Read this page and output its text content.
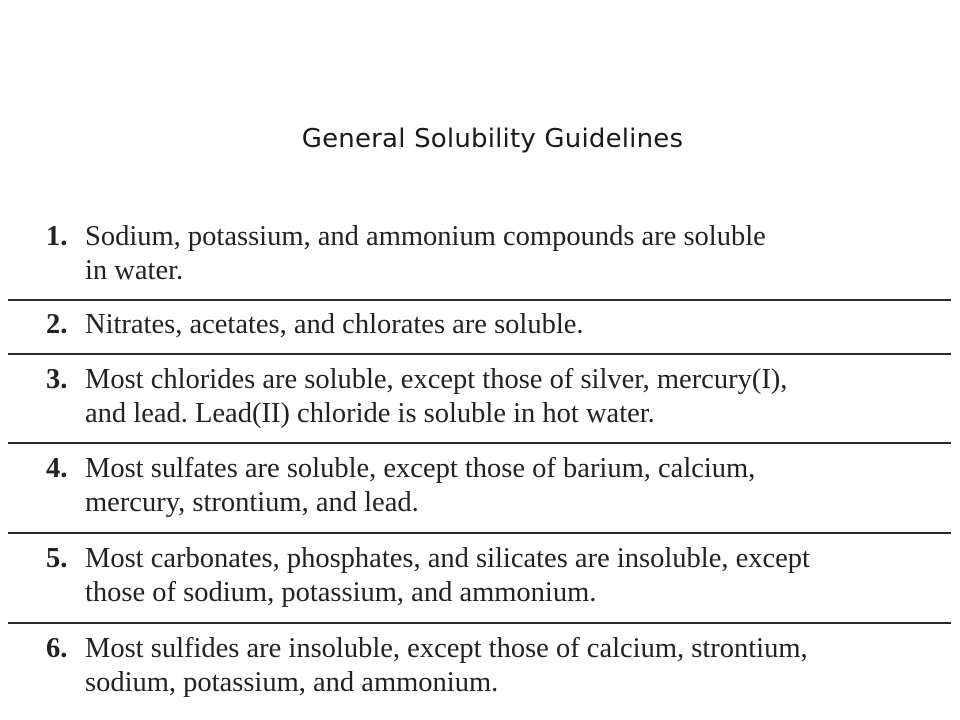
General Solubility Guidelines
1. Sodium, potassium, and ammonium compounds are soluble
in water.
2. Nitrates, acetates, and chlorates are soluble.
3. Most chlorides are soluble, except those of silver, mercury(I),
and lead. Lead(II) chloride is soluble in hot water.
4. Most sulfates are soluble, except those of barium, calcium,
mercury, strontium, and lead.
5. Most carbonates, phosphates, and silicates are insoluble, except
those of sodium, potassium, and ammonium.
6. Most sulfides are insoluble, except those of calcium, strontium,
sodium, potassium, and ammonium.
